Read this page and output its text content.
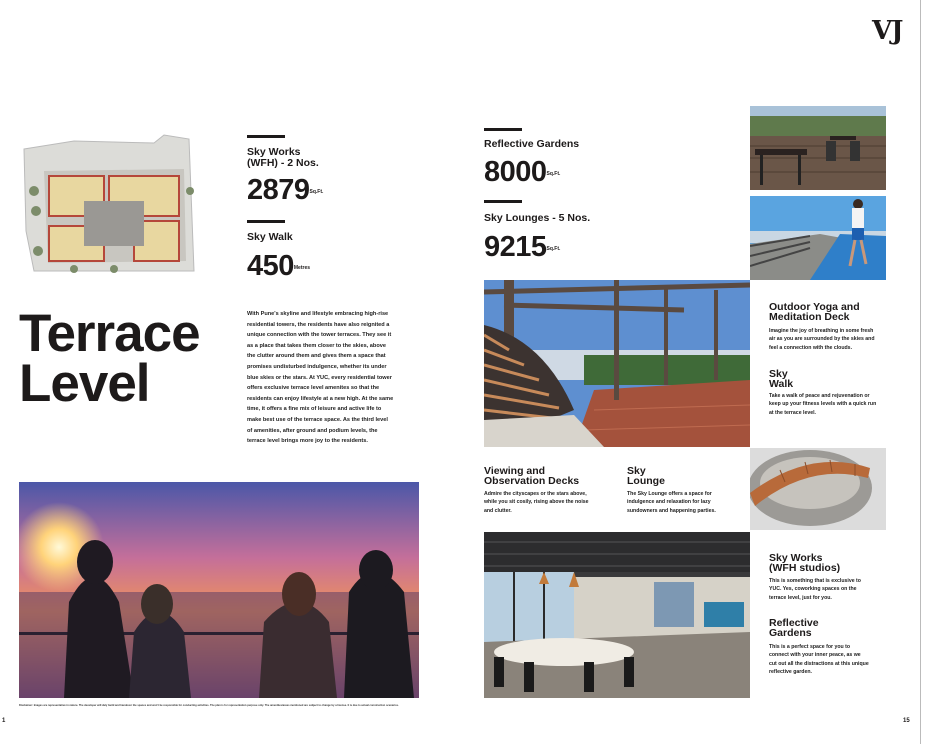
Sky Works
(WFH) - 2 Nos.
$2879^{Sq.Ft.}$
Sky Walk
$450^{Metres}$
Terrace
Level
With Pune's skyline and lifestyle embracing high-rise
residential towers, the residents have also reignited a
unique connection with the tower terraces. They see it
as a place that takes them closer to the skies, above
the clutter around them and gives them a space that
promises undisturbed indulgence, whether its under
blue skies or the stars. At YUC, every residential tower
offers exclusive terrace level amenites so that the
residents can enjoy lifestyle at a new high. At the same
time, it offers a fine mix of leisure and active life to
make best use of the terrace space. As the third level
of amenities, after ground and podium levels, the
terrace level brings more joy to the residents.
Disclaimer: Images are representative in nature. The developer will duly build and handover the spaces and won't be responsible for conducting activities. The plan is for representation purpose only. The amenities/areas mentioned are subject to change by a license. It is due to actual construction scenarios.
1
VJ
Reflective Gardens
$8000^{Sq.Ft.}$
Sky Lounges - 5 Nos.
$9215^{Sq.Ft.}$
Outdoor Yoga and
Meditation Deck
Imagine the joy of breathing in some fresh
air as you are surrounded by the skies and
feel a connection with the clouds.
Sky
Walk
Take a walk of peace and rejuvenation or
keep up your fitness levels with a quick run
at the terrace level.
Viewing and
Observation Decks
Admire the cityscapes or the stars above,
while you sit cosily, rising above the noise
and clutter.
Sky
Lounge
The Sky Lounge offers a space for
indulgence and relaxation for lazy
sundowners and happening parties.
Sky Works
(WFH studios)
This is something that is exclusive to
YUC. Yes, coworking spaces on the
terrace level, just for you.
Reflective
Gardens
This is a perfect space for you to
connect with your inner peace, as we
cut out all the distractions at this unique
reflective garden.
15
